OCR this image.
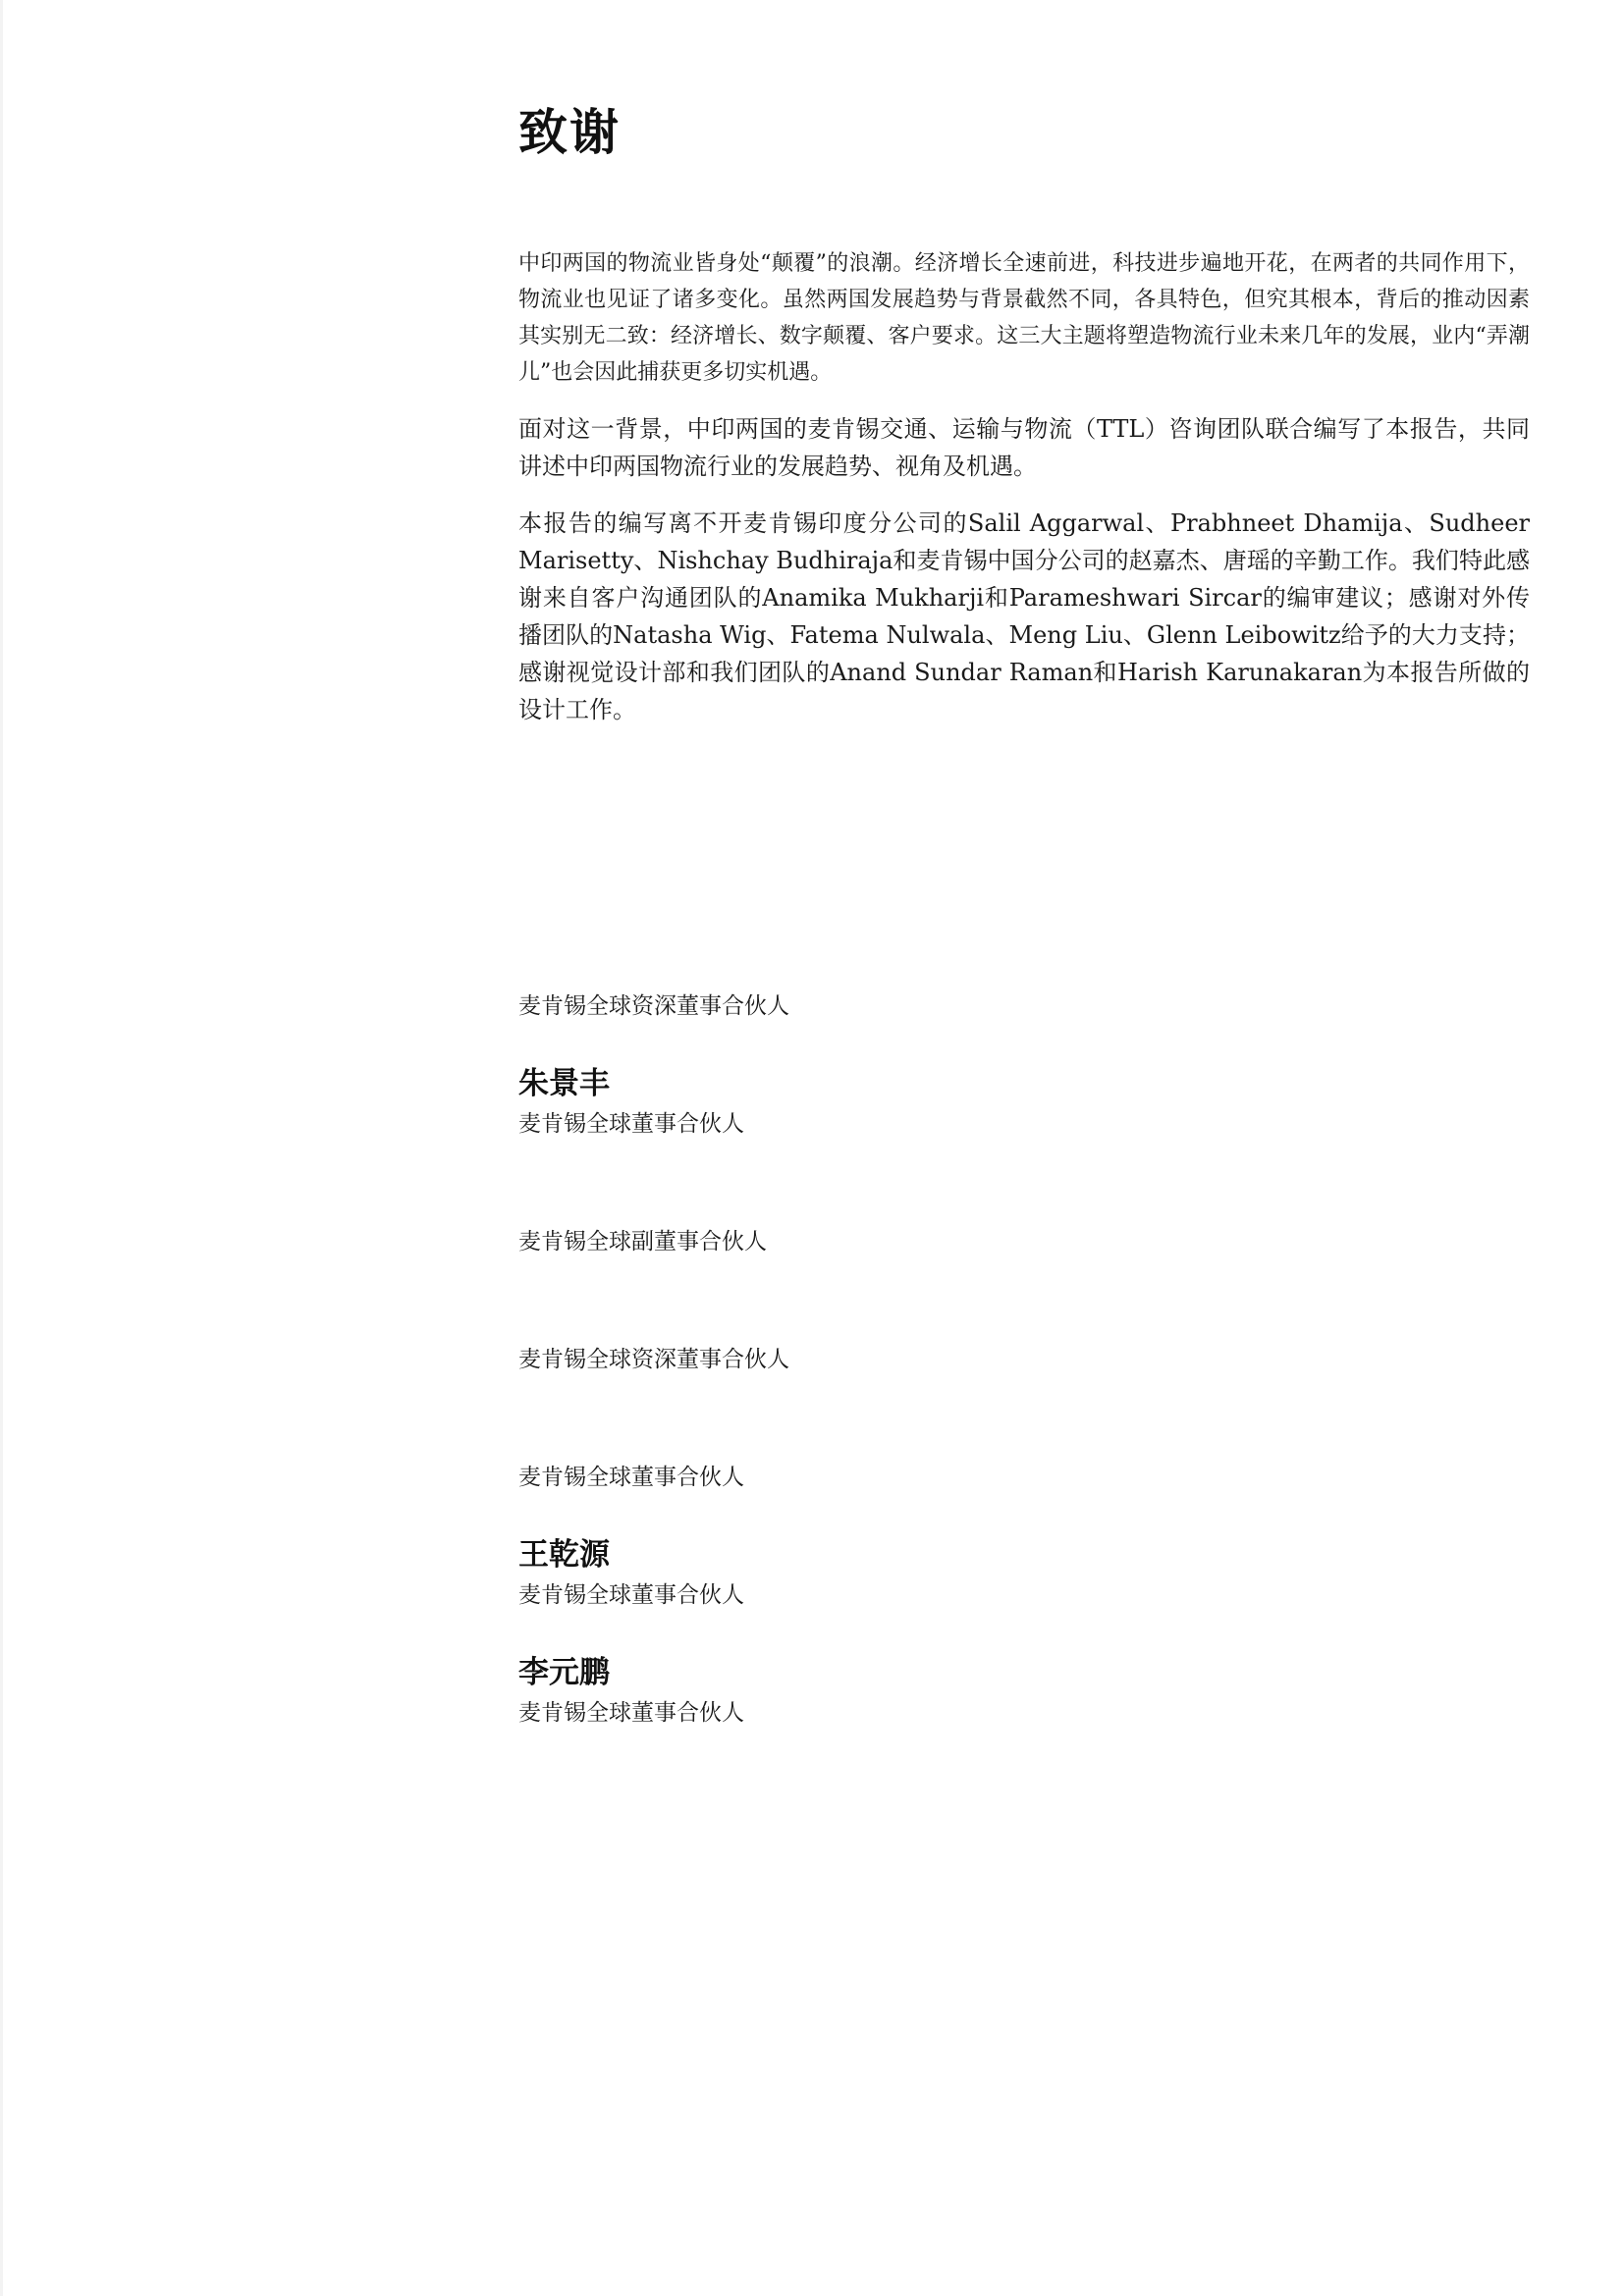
致谢

中印两国的物流业皆身处“颠覆”的浪潮。经济增长全速前进，科技进步遍地开花，在两者的共同作用下，物流业也见证了诸多变化。虽然两国发展趋势与背景截然不同，各具特色，但究其根本，背后的推动因素其实别无二致：经济增长、数字颠覆、客户要求。这三大主题将塑造物流行业未来几年的发展，业内“弄潮儿”也会因此捕获更多切实机遇。

面对这一背景，中印两国的麦肯锡交通、运输与物流（TTL）咨询团队联合编写了本报告，共同讲述中印两国物流行业的发展趋势、视角及机遇。

本报告的编写离不开麦肯锡印度分公司的Salil Aggarwal、Prabhneet Dhamija、Sudheer Marisetty、Nishchay Budhiraja和麦肯锡中国分公司的赵嘉杰、唐瑶的辛勤工作。我们特此感谢来自客户沟通团队的Anamika Mukharji和Parameshwari Sircar的编审建议；感谢对外传播团队的Natasha Wig、Fatema Nulwala、Meng Liu、Glenn Leibowitz给予的大力支持；感谢视觉设计部和我们团队的Anand Sundar Raman和Harish Karunakaran为本报告所做的设计工作。

麦肯锡全球资深董事合伙人

朱景丰

麦肯锡全球董事合伙人

麦肯锡全球副董事合伙人

麦肯锡全球资深董事合伙人

麦肯锡全球董事合伙人

王乾源

麦肯锡全球董事合伙人

李元鹏

麦肯锡全球董事合伙人
